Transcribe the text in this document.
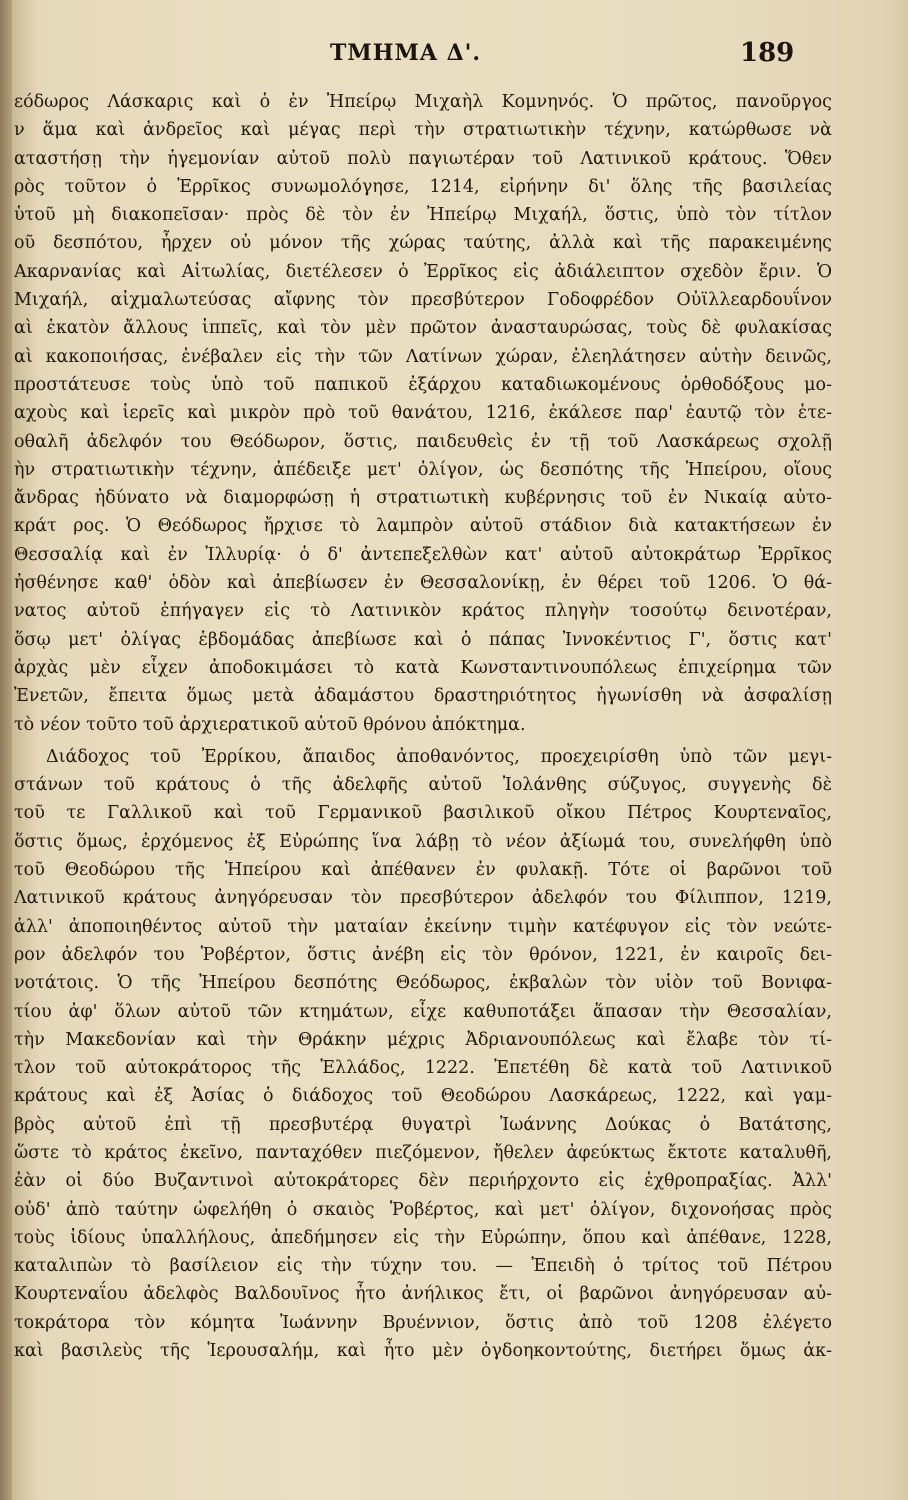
ΤΜΗΜΑ Δ'.	189
εόδωρος Λάσκαρις καὶ ὁ ἐν Ἠπείρῳ Μιχαὴλ Κομνηνός. Ὁ πρῶτος, πανοῦργος
ν ἅμα καὶ ἀνδρεῖος καὶ μέγας περὶ τὴν στρατιωτικὴν τέχνην, κατώρθωσε νὰ
αταστήσῃ τὴν ἡγεμονίαν αὐτοῦ πολὺ παγιωτέραν τοῦ Λατινικοῦ κράτους. Ὅθεν
ρὸς τοῦτον ὁ Ἐρρῖκος συνωμολόγησε, 1214, εἰρήνην δι' ὅλης τῆς βασιλείας
ὑτοῦ μὴ διακοπεῖσαν· πρὸς δὲ τὸν ἐν Ἠπείρῳ Μιχαήλ, ὅστις, ὑπὸ τὸν τίτλον
οῦ δεσπότου, ἦρχεν οὐ μόνον τῆς χώρας ταύτης, ἀλλὰ καὶ τῆς παρακειμένης
Ακαρνανίας καὶ Αἰτωλίας, διετέλεσεν ὁ Ἐρρῖκος εἰς ἀδιάλειπτον σχεδὸν ἔριν. Ὁ
Μιχαήλ, αἰχμαλωτεύσας αἴφνης τὸν πρεσβύτερον Γοδοφρέδον Οὐϊλλεαρδουΐνον
αὶ ἑκατὸν ἄλλους ἱππεῖς, καὶ τὸν μὲν πρῶτον ἀνασταυρώσας, τοὺς δὲ φυλακίσας
αὶ κακοποιήσας, ἐνέβαλεν εἰς τὴν τῶν Λατίνων χώραν, ἐλεηλάτησεν αὐτὴν δεινῶς,
προστάτευσε τοὺς ὑπὸ τοῦ παπικοῦ ἐξάρχου καταδιωκομένους ὀρθοδόξους μο-
αχοὺς καὶ ἱερεῖς καὶ μικρὸν πρὸ τοῦ θανάτου, 1216, ἐκάλεσε παρ' ἑαυτῷ τὸν ἑτε-
οθαλῆ ἀδελφόν του Θεόδωρον, ὅστις, παιδευθεὶς ἐν τῇ τοῦ Λασκάρεως σχολῇ
ὴν στρατιωτικὴν τέχνην, ἀπέδειξε μετ' ὀλίγον, ὡς δεσπότης τῆς Ἠπείρου, οἵους
ἄνδρας ἠδύνατο νὰ διαμορφώσῃ ἡ στρατιωτικὴ κυβέρνησις τοῦ ἐν Νικαίᾳ αὐτο-
κράτ ρος. Ὁ Θεόδωρος ἤρχισε τὸ λαμπρὸν αὐτοῦ στάδιον διὰ κατακτήσεων ἐν
Θεσσαλίᾳ καὶ ἐν Ἰλλυρίᾳ· ὁ δ' ἀντεπεξελθὼν κατ' αὐτοῦ αὐτοκράτωρ Ἐρρῖκος
ἠσθένησε καθ' ὁδὸν καὶ ἀπεβίωσεν ἐν Θεσσαλονίκῃ, ἐν θέρει τοῦ 1206. Ὁ θά-
νατος αὐτοῦ ἐπήγαγεν εἰς τὸ Λατινικὸν κράτος πληγὴν τοσούτῳ δεινοτέραν,
ὅσῳ μετ' ὀλίγας ἑβδομάδας ἀπεβίωσε καὶ ὁ πάπας Ἰννοκέντιος Γ', ὅστις κατ'
ἀρχὰς μὲν εἶχεν ἀποδοκιμάσει τὸ κατὰ Κωνσταντινουπόλεως ἐπιχείρημα τῶν
Ἐνετῶν, ἔπειτα ὅμως μετὰ ἀδαμάστου δραστηριότητος ἠγωνίσθη νὰ ἀσφαλίσῃ
τὸ νέον τοῦτο τοῦ ἀρχιερατικοῦ αὐτοῦ θρόνου ἀπόκτημα.
Διάδοχος τοῦ Ἐρρίκου, ἄπαιδος ἀποθανόντος, προεχειρίσθη ὑπὸ τῶν μεγι-
στάνων τοῦ κράτους ὁ τῆς ἀδελφῆς αὐτοῦ Ἰολάνθης σύζυγος, συγγενὴς δὲ
τοῦ τε Γαλλικοῦ καὶ τοῦ Γερμανικοῦ βασιλικοῦ οἴκου Πέτρος Κουρτεναῖος,
ὅστις ὅμως, ἐρχόμενος ἐξ Εὐρώπης ἵνα λάβῃ τὸ νέον ἀξίωμά του, συνελήφθη ὑπὸ
τοῦ Θεοδώρου τῆς Ἠπείρου καὶ ἀπέθανεν ἐν φυλακῇ. Τότε οἱ βαρῶνοι τοῦ
Λατινικοῦ κράτους ἀνηγόρευσαν τὸν πρεσβύτερον ἀδελφόν του Φίλιππον, 1219,
ἀλλ' ἀποποιηθέντος αὐτοῦ τὴν ματαίαν ἐκείνην τιμὴν κατέφυγον εἰς τὸν νεώτε-
ρον ἀδελφόν του Ῥοβέρτον, ὅστις ἀνέβη εἰς τὸν θρόνον, 1221, ἐν καιροῖς δει-
νοτάτοις. Ὁ τῆς Ἠπείρου δεσπότης Θεόδωρος, ἐκβαλὼν τὸν υἱὸν τοῦ Βονιφα-
τίου ἀφ' ὅλων αὐτοῦ τῶν κτημάτων, εἶχε καθυποτάξει ἅπασαν τὴν Θεσσαλίαν,
τὴν Μακεδονίαν καὶ τὴν Θράκην μέχρις Ἀδριανουπόλεως καὶ ἔλαβε τὸν τί-
τλον τοῦ αὐτοκράτορος τῆς Ἑλλάδος, 1222. Ἐπετέθη δὲ κατὰ τοῦ Λατινικοῦ
κράτους καὶ ἐξ Ἀσίας ὁ διάδοχος τοῦ Θεοδώρου Λασκάρεως, 1222, καὶ γαμ-
βρὸς αὐτοῦ ἐπὶ τῇ πρεσβυτέρᾳ θυγατρὶ Ἰωάννης Δούκας ὁ Βατάτσης,
ὥστε τὸ κράτος ἐκεῖνο, πανταχόθεν πιεζόμενον, ἤθελεν ἀφεύκτως ἔκτοτε καταλυθῆ,
ἐὰν οἱ δύο Βυζαντινοὶ αὐτοκράτορες δὲν περιήρχοντο εἰς ἐχθροπραξίας. Ἀλλ'
οὐδ' ἀπὸ ταύτην ὠφελήθη ὁ σκαιὸς Ῥοβέρτος, καὶ μετ' ὀλίγον, διχονοήσας πρὸς
τοὺς ἰδίους ὑπαλλήλους, ἀπεδήμησεν εἰς τὴν Εὐρώπην, ὅπου καὶ ἀπέθανε, 1228,
καταλιπὼν τὸ βασίλειον εἰς τὴν τύχην του. — Ἐπειδὴ ὁ τρίτος τοῦ Πέτρου
Κουρτεναΐου ἀδελφὸς Βαλδουῖνος ἦτο ἀνήλικος ἔτι, οἱ βαρῶνοι ἀνηγόρευσαν αὐ-
τοκράτορα τὸν κόμητα Ἰωάννην Βρυέννιον, ὅστις ἀπὸ τοῦ 1208 ἐλέγετο
καὶ βασιλεὺς τῆς Ἱερουσαλήμ, καὶ ἦτο μὲν ὀγδοηκοντούτης, διετήρει ὅμως ἀκ-
